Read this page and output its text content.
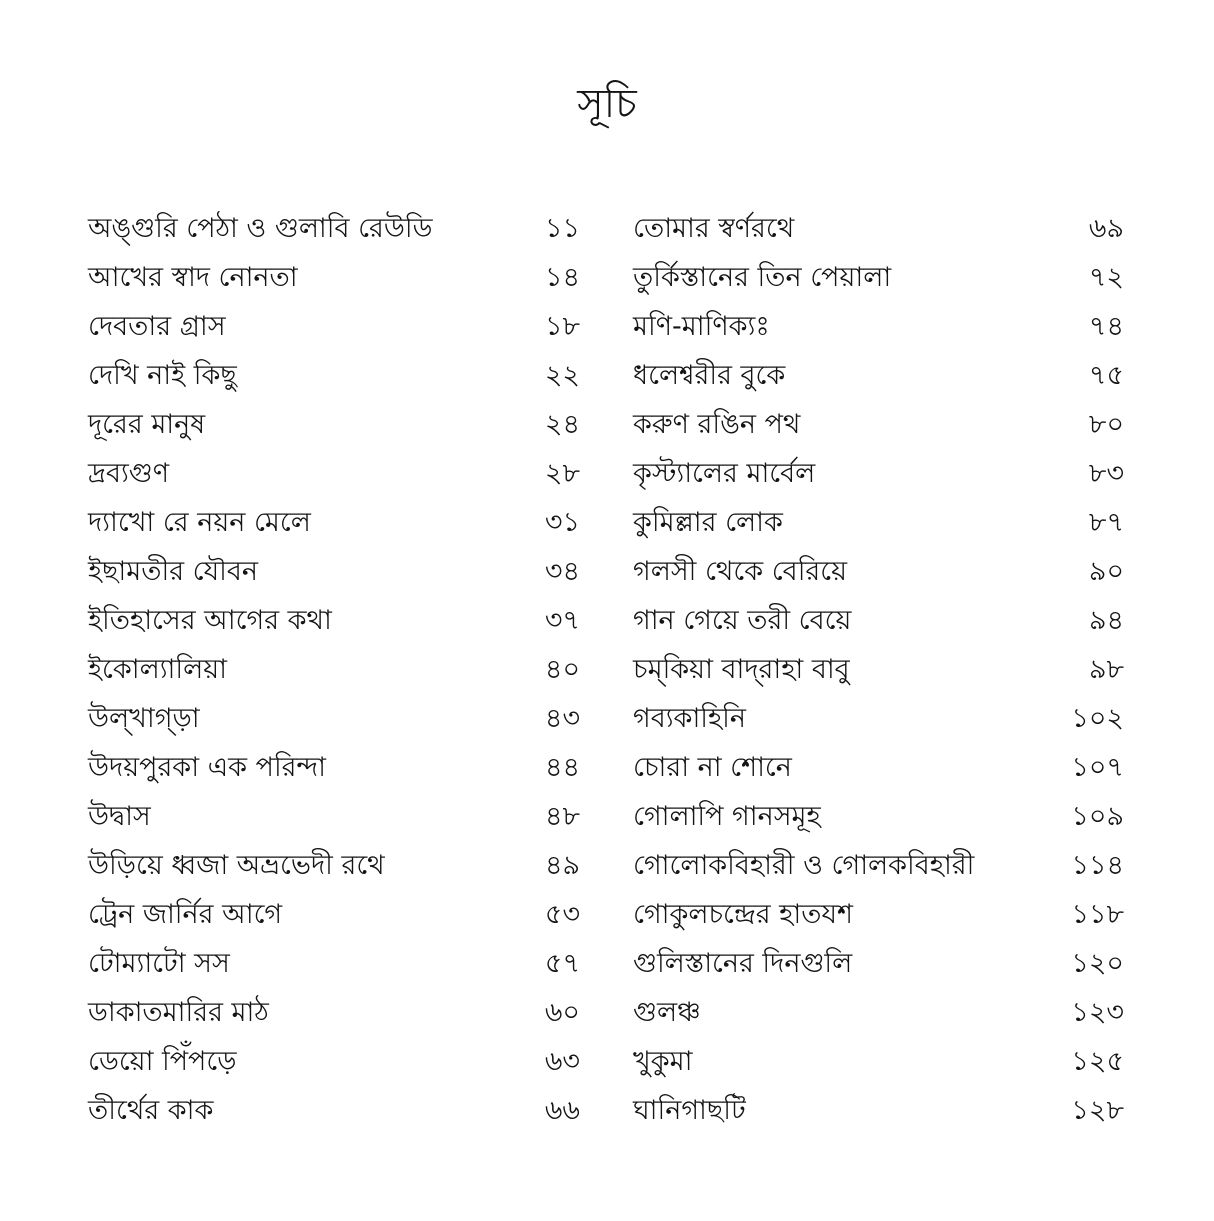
সূচি
অঙ্গুরি পেঠা ও গুলাবি রেউডি	১১
আখের স্বাদ নোনতা	১৪
দেবতার গ্রাস	১৮
দেখি নাই কিছু	২২
দূরের মানুষ	২৪
দ্রব্যগুণ	২৮
দ্যাখো রে নয়ন মেলে	৩১
ইছামতীর যৌবন	৩৪
ইতিহাসের আগের কথা	৩৭
ইকোল্যালিয়া	৪০
উল্‌খাগ্‌ড়া	৪৩
উদয়পুরকা এক পরিন্দা	৪৪
উদ্বাস	৪৮
উড়িয়ে ধ্বজা অভ্রভেদী রথে	৪৯
ট্রেন জার্নির আগে	৫৩
টোম্যাটো সস	৫৭
ডাকাতমারির মাঠ	৬০
ডেয়ো পিঁপড়ে	৬৩
তীর্থের কাক	৬৬
তোমার স্বর্ণরথে	৬৯
তুর্কিস্তানের তিন পেয়ালা	৭২
মণি-মাণিক্যঃ	৭৪
ধলেশ্বরীর বুকে	৭৫
করুণ রঙিন পথ	৮০
কৃস্ট্যালের মার্বেল	৮৩
কুমিল্লার লোক	৮৭
গলসী থেকে বেরিয়ে	৯০
গান গেয়ে তরী বেয়ে	৯৪
চম্‌কিয়া বাদ্‌রাহা বাবু	৯৮
গব্যকাহিনি	১০২
চোরা না শোনে	১০৭
গোলাপি গানসমূহ	১০৯
গোলোকবিহারী ও গোলকবিহারী	১১৪
গোকুলচন্দ্রের হাতযশ	১১৮
গুলিস্তানের দিনগুলি	১২০
গুলঞ্চ	১২৩
খুকুমা	১২৫
ঘানিগাছটি	১২৮
